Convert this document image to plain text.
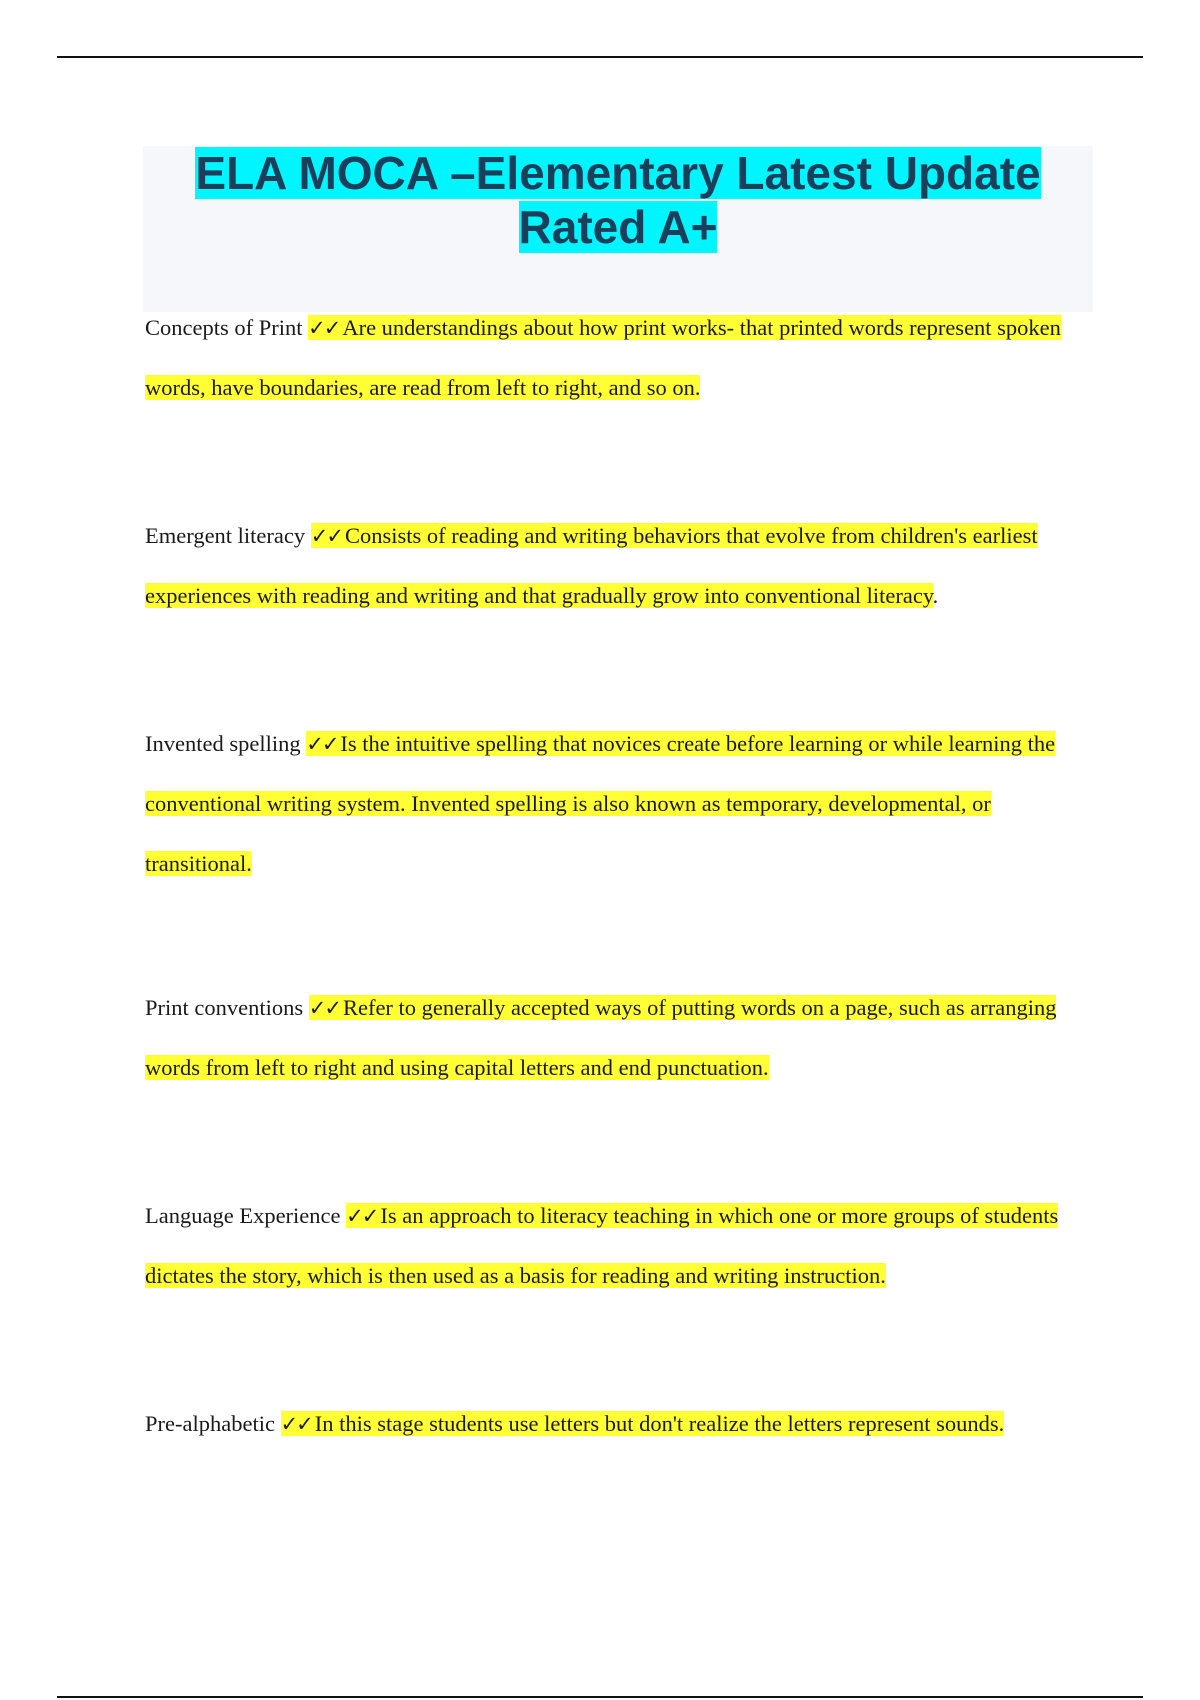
ELA MOCA –Elementary Latest Update
Rated A+

Concepts of Print ✓✓ Are understandings about how print works- that printed words represent spoken words, have boundaries, are read from left to right, and so on.

Emergent literacy ✓✓ Consists of reading and writing behaviors that evolve from children's earliest experiences with reading and writing and that gradually grow into conventional literacy.

Invented spelling ✓✓ Is the intuitive spelling that novices create before learning or while learning the conventional writing system. Invented spelling is also known as temporary, developmental, or transitional.

Print conventions ✓✓ Refer to generally accepted ways of putting words on a page, such as arranging words from left to right and using capital letters and end punctuation.

Language Experience ✓✓ Is an approach to literacy teaching in which one or more groups of students dictates the story, which is then used as a basis for reading and writing instruction.

Pre-alphabetic ✓✓ In this stage students use letters but don't realize the letters represent sounds.
